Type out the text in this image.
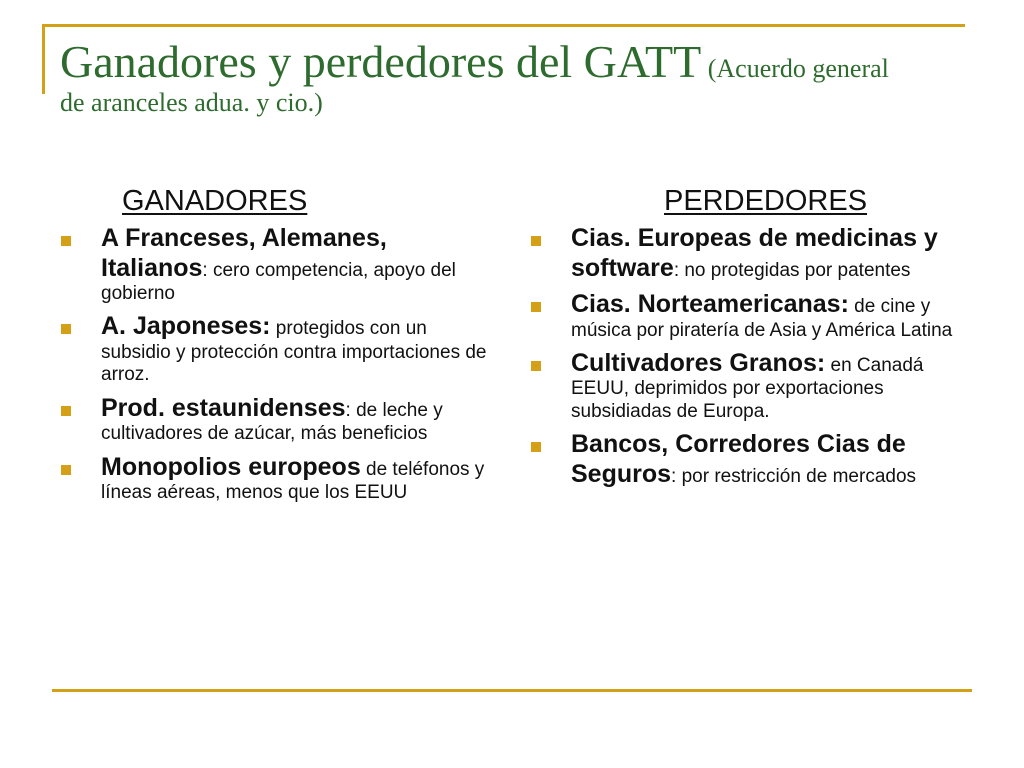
Ganadores y perdedores del GATT (Acuerdo general
de aranceles adua. y cio.)
GANADORES
A Franceses, Alemanes, Italianos: cero competencia, apoyo del gobierno
A. Japoneses: protegidos con un subsidio y protección contra importaciones de arroz.
Prod. estaunidenses: de leche y cultivadores de azúcar, más beneficios
Monopolios europeos de teléfonos y líneas aéreas, menos que los EEUU
PERDEDORES
Cias. Europeas de medicinas y software: no protegidas por patentes
Cias. Norteamericanas: de cine y música por piratería de Asia y América Latina
Cultivadores Granos: en Canadá EEUU, deprimidos por exportaciones subsidiadas de Europa.
Bancos, Corredores Cias de Seguros: por restricción de mercados
